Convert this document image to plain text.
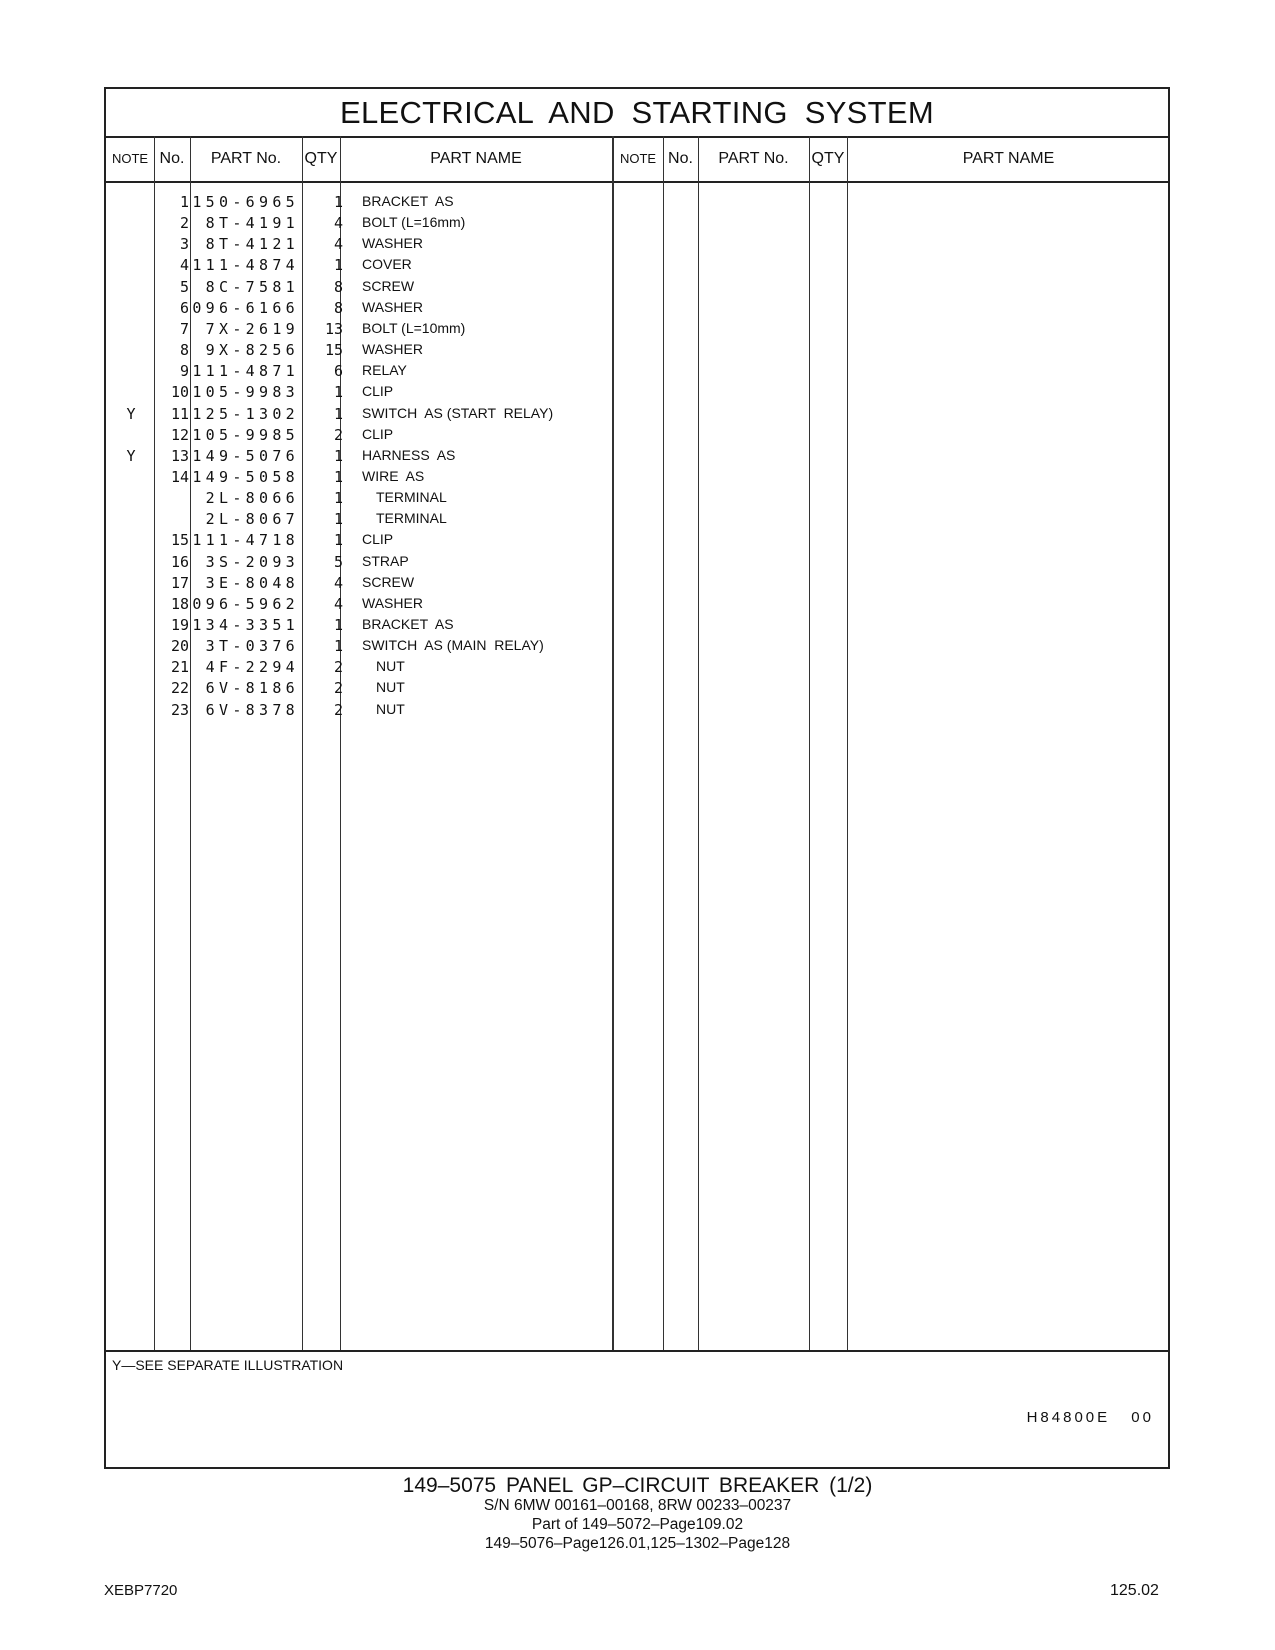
ELECTRICAL AND STARTING SYSTEM
NOTE No.	PART No.	QTY	PART NAME	NOTE No.	PART No.	QTY	PART NAME
1 150-6965	1 BRACKET  AS
2	8T-4191	4 BOLT (L=16mm)
3	8T-4121	4 WASHER
4 111-4874	1 COVER
5	8C-7581	8 SCREW
6 096-6166	8 WASHER
7	7X-2619	13 BOLT (L=10mm)
8	9X-8256	15 WASHER
9 111-4871	6 RELAY
10 105-9983	1 CLIP
Y	11 125-1302	1 SWITCH  AS (START  RELAY)
12 105-9985	2 CLIP
Y	13 149-5076	1 HARNESS  AS
14 149-5058	1 WIRE  AS
2L-8066	1 TERMINAL
2L-8067	1 TERMINAL
15 111-4718	1 CLIP
16	3S-2093	5 STRAP
17	3E-8048	4 SCREW
18 096-5962	4 WASHER
19 134-3351	1 BRACKET  AS
20	3T-0376	1 SWITCH  AS (MAIN  RELAY)
21	4F-2294	2 NUT
22	6V-8186	2 NUT
23	6V-8378	2 NUT
Y—SEE SEPARATE ILLUSTRATION
H84800E 00
149–5075 PANEL GP–CIRCUIT BREAKER (1/2)
S/N 6MW 00161–00168, 8RW 00233–00237
Part of 149–5072–Page109.02
149–5076–Page126.01,125–1302–Page128
XEBP7720	125.02
